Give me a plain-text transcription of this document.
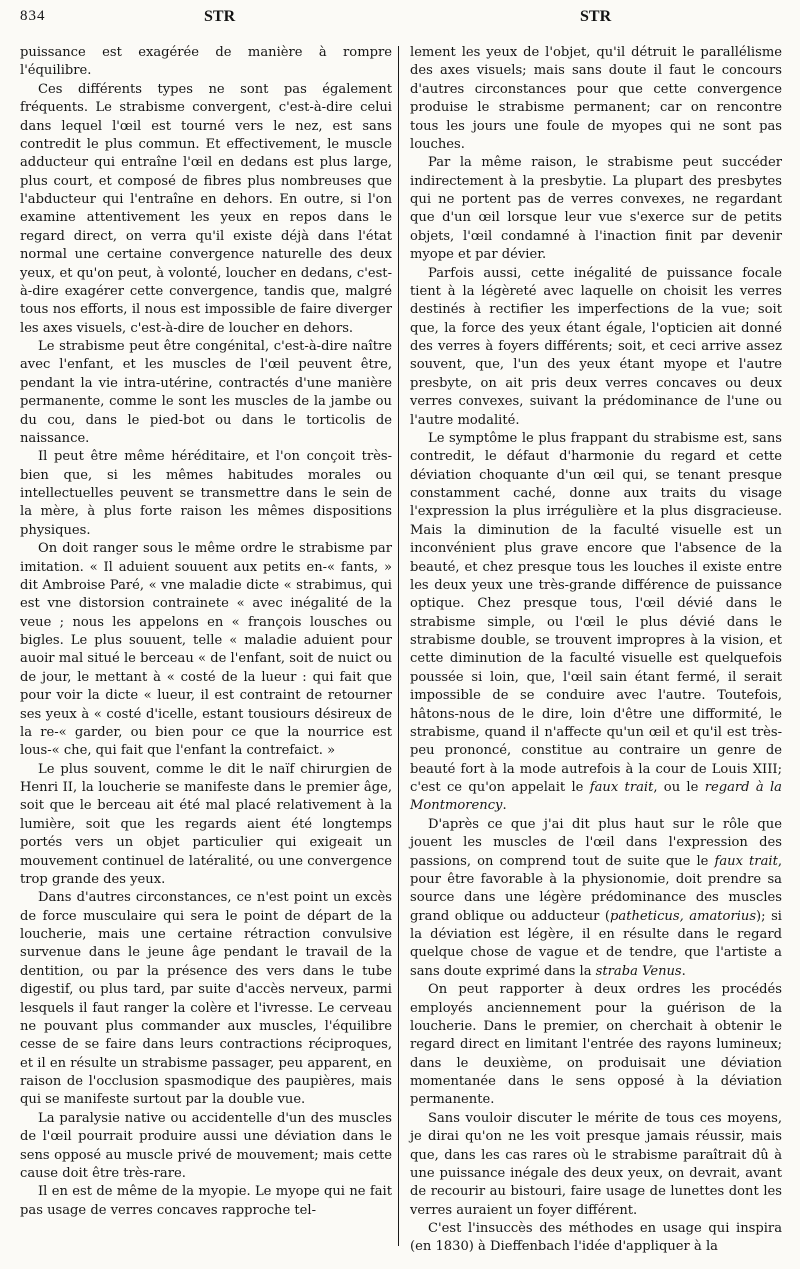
834	STR	STR

puissance est exagérée de manière à rompre l'équilibre.

Ces différents types ne sont pas également fréquents. Le strabisme convergent, c'est-à-dire celui dans lequel l'œil est tourné vers le nez, est sans contredit le plus commun. Et effectivement, le muscle adducteur qui entraîne l'œil en dedans est plus large, plus court, et composé de fibres plus nombreuses que l'abducteur qui l'entraîne en dehors. En outre, si l'on examine attentivement les yeux en repos dans le regard direct, on verra qu'il existe déjà dans l'état normal une certaine convergence naturelle des deux yeux, et qu'on peut, à volonté, loucher en dedans, c'est-à-dire exagérer cette convergence, tandis que, malgré tous nos efforts, il nous est impossible de faire diverger les axes visuels, c'est-à-dire de loucher en dehors.

Le strabisme peut être congénital, c'est-à-dire naître avec l'enfant, et les muscles de l'œil peuvent être, pendant la vie intra-utérine, contractés d'une manière permanente, comme le sont les muscles de la jambe ou du cou, dans le pied-bot ou dans le torticolis de naissance.

Il peut être même héréditaire, et l'on conçoit très-bien que, si les mêmes habitudes morales ou intellectuelles peuvent se transmettre dans le sein de la mère, à plus forte raison les mêmes dispositions physiques.

On doit ranger sous le même ordre le strabisme par imitation. « Il aduient souuent aux petits en-« fants, » dit Ambroise Paré, « vne maladie dicte « strabimus, qui est vne distorsion contrainete « avec inégalité de la veue ; nous les appelons en « françois lousches ou bigles. Le plus souuent, telle « maladie aduient pour auoir mal situé le berceau « de l'enfant, soit de nuict ou de jour, le mettant à « costé de la lueur : qui fait que pour voir la dicte « lueur, il est contraint de retourner ses yeux à « costé d'icelle, estant tousiours désireux de la re-« garder, ou bien pour ce que la nourrice est lous-« che, qui fait que l'enfant la contrefaict. »

Le plus souvent, comme le dit le naïf chirurgien de Henri II, la loucherie se manifeste dans le premier âge, soit que le berceau ait été mal placé relativement à la lumière, soit que les regards aient été longtemps portés vers un objet particulier qui exigeait un mouvement continuel de latéralité, ou une convergence trop grande des yeux.

Dans d'autres circonstances, ce n'est point un excès de force musculaire qui sera le point de départ de la loucherie, mais une certaine rétraction convulsive survenue dans le jeune âge pendant le travail de la dentition, ou par la présence des vers dans le tube digestif, ou plus tard, par suite d'accès nerveux, parmi lesquels il faut ranger la colère et l'ivresse. Le cerveau ne pouvant plus commander aux muscles, l'équilibre cesse de se faire dans leurs contractions réciproques, et il en résulte un strabisme passager, peu apparent, en raison de l'occlusion spasmodique des paupières, mais qui se manifeste surtout par la double vue.

La paralysie native ou accidentelle d'un des muscles de l'œil pourrait produire aussi une déviation dans le sens opposé au muscle privé de mouvement; mais cette cause doit être très-rare.

Il en est de même de la myopie. Le myope qui ne fait pas usage de verres concaves rapproche tel-

lement les yeux de l'objet, qu'il détruit le parallélisme des axes visuels; mais sans doute il faut le concours d'autres circonstances pour que cette convergence produise le strabisme permanent; car on rencontre tous les jours une foule de myopes qui ne sont pas louches.

Par la même raison, le strabisme peut succéder indirectement à la presbytie. La plupart des presbytes qui ne portent pas de verres convexes, ne regardant que d'un œil lorsque leur vue s'exerce sur de petits objets, l'œil condamné à l'inaction finit par devenir myope et par dévier.

Parfois aussi, cette inégalité de puissance focale tient à la légèreté avec laquelle on choisit les verres destinés à rectifier les imperfections de la vue; soit que, la force des yeux étant égale, l'opticien ait donné des verres à foyers différents; soit, et ceci arrive assez souvent, que, l'un des yeux étant myope et l'autre presbyte, on ait pris deux verres concaves ou deux verres convexes, suivant la prédominance de l'une ou l'autre modalité.

Le symptôme le plus frappant du strabisme est, sans contredit, le défaut d'harmonie du regard et cette déviation choquante d'un œil qui, se tenant presque constamment caché, donne aux traits du visage l'expression la plus irrégulière et la plus disgracieuse. Mais la diminution de la faculté visuelle est un inconvénient plus grave encore que l'absence de la beauté, et chez presque tous les louches il existe entre les deux yeux une très-grande différence de puissance optique. Chez presque tous, l'œil dévié dans le strabisme simple, ou l'œil le plus dévié dans le strabisme double, se trouvent impropres à la vision, et cette diminution de la faculté visuelle est quelquefois poussée si loin, que, l'œil sain étant fermé, il serait impossible de se conduire avec l'autre. Toutefois, hâtons-nous de le dire, loin d'être une difformité, le strabisme, quand il n'affecte qu'un œil et qu'il est très-peu prononcé, constitue au contraire un genre de beauté fort à la mode autrefois à la cour de Louis XIII; c'est ce qu'on appelait le faux trait, ou le regard à la Montmorency.

D'après ce que j'ai dit plus haut sur le rôle que jouent les muscles de l'œil dans l'expression des passions, on comprend tout de suite que le faux trait, pour être favorable à la physionomie, doit prendre sa source dans une légère prédominance des muscles grand oblique ou adducteur (patheticus, amatorius); si la déviation est légère, il en résulte dans le regard quelque chose de vague et de tendre, que l'artiste a sans doute exprimé dans la straba Venus.

On peut rapporter à deux ordres les procédés employés anciennement pour la guérison de la loucherie. Dans le premier, on cherchait à obtenir le regard direct en limitant l'entrée des rayons lumineux; dans le deuxième, on produisait une déviation momentanée dans le sens opposé à la déviation permanente.

Sans vouloir discuter le mérite de tous ces moyens, je dirai qu'on ne les voit presque jamais réussir, mais que, dans les cas rares où le strabisme paraîtrait dû à une puissance inégale des deux yeux, on devrait, avant de recourir au bistouri, faire usage de lunettes dont les verres auraient un foyer différent.

C'est l'insuccès des méthodes en usage qui inspira (en 1830) à Dieffenbach l'idée d'appliquer à la
